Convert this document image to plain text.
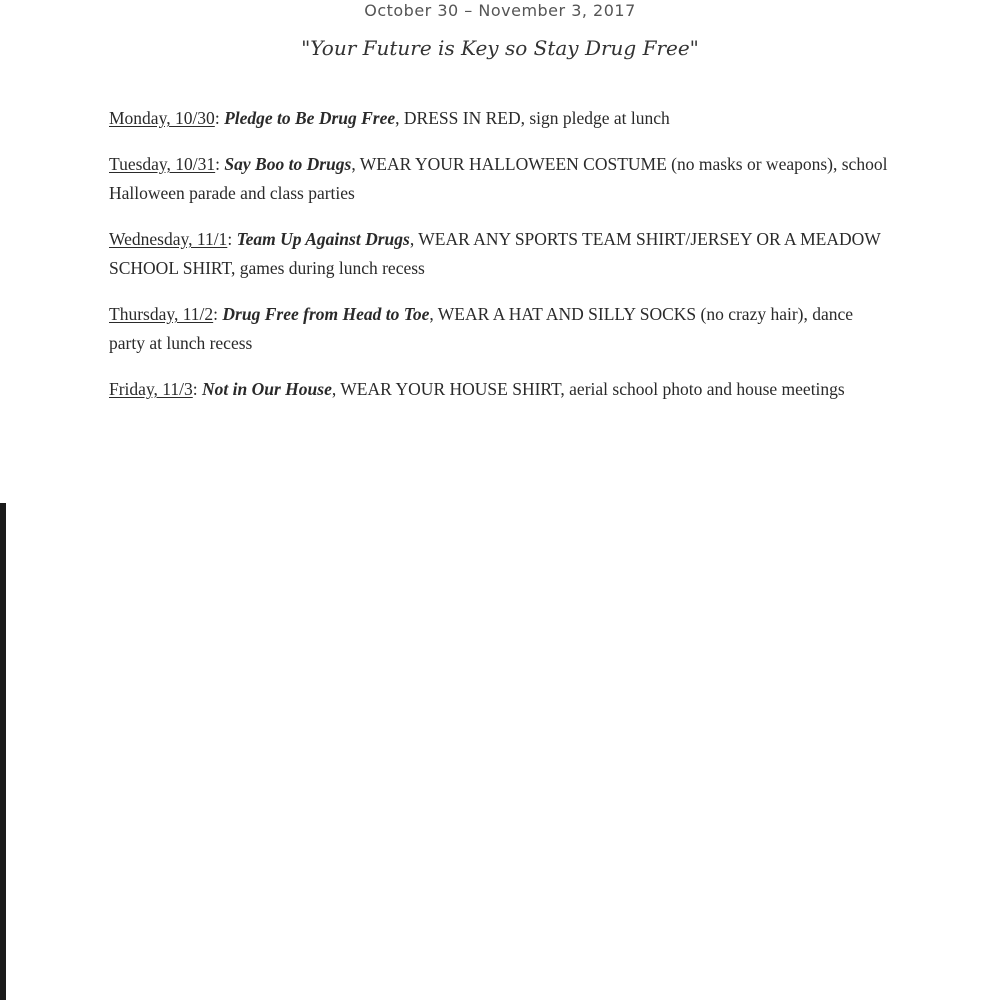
October 30 – November 3, 2017
"Your Future is Key so Stay Drug Free"

Monday, 10/30: Pledge to Be Drug Free, DRESS IN RED, sign pledge at lunch

Tuesday, 10/31: Say Boo to Drugs, WEAR YOUR HALLOWEEN COSTUME (no masks or weapons), school Halloween parade and class parties

Wednesday, 11/1: Team Up Against Drugs, WEAR ANY SPORTS TEAM SHIRT/JERSEY OR A MEADOW SCHOOL SHIRT, games during lunch recess

Thursday, 11/2: Drug Free from Head to Toe, WEAR A HAT AND SILLY SOCKS (no crazy hair), dance party at lunch recess

Friday, 11/3: Not in Our House, WEAR YOUR HOUSE SHIRT, aerial school photo and house meetings
